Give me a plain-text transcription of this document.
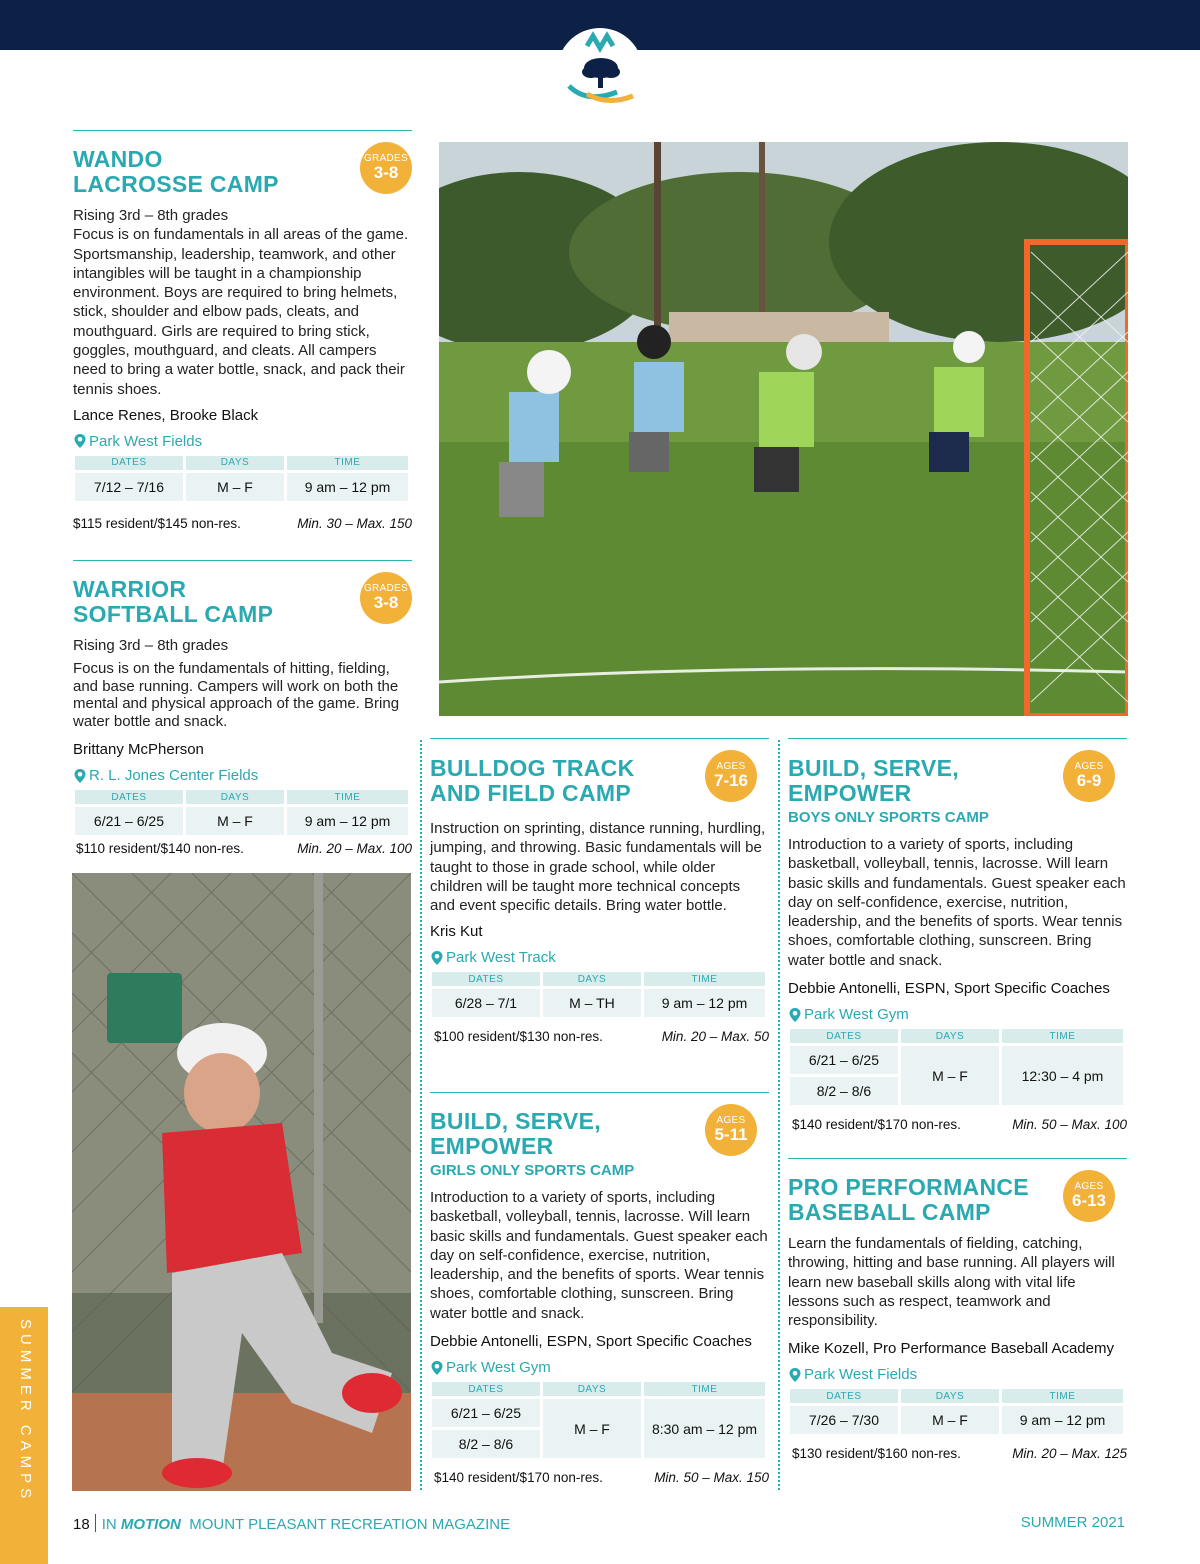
WANDO
LACROSSE CAMP
GRADES
3-8
Rising 3rd – 8th grades
Focus is on fundamentals in all areas of the game. Sportsmanship, leadership, teamwork, and other intangibles will be taught in a championship environment. Boys are required to bring helmets, stick, shoulder and elbow pads, cleats, and mouthguard. Girls are required to bring stick, goggles, mouthguard, and cleats. All campers need to bring a water bottle, snack, and pack their tennis shoes.
Lance Renes, Brooke Black
Park West Fields
DATES	DAYS	TIME
7/12 – 7/16	M – F	9 am – 12 pm
$115 resident/$145 non-res.	Min. 30 – Max. 150
WARRIOR
SOFTBALL CAMP
GRADES
3-8
Rising 3rd – 8th grades
Focus is on the fundamentals of hitting, fielding, and base running. Campers will work on both the mental and physical approach of the game. Bring water bottle and snack.
Brittany McPherson
R. L. Jones Center Fields
DATES	DAYS	TIME
6/21 – 6/25	M – F	9 am – 12 pm
$110 resident/$140 non-res.	Min. 20 – Max. 100
BULLDOG TRACK
AND FIELD CAMP
AGES
7-16
Instruction on sprinting, distance running, hurdling, jumping, and throwing. Basic fundamentals will be taught to those in grade school, while older children will be taught more technical concepts and event specific details. Bring water bottle.
Kris Kut
Park West Track
DATES	DAYS	TIME
6/28 – 7/1	M – TH	9 am – 12 pm
$100 resident/$130 non-res.	Min. 20 – Max. 50
BUILD, SERVE,
EMPOWER
GIRLS ONLY SPORTS CAMP
AGES
5-11
Introduction to a variety of sports, including basketball, volleyball, tennis, lacrosse. Will learn basic skills and fundamentals. Guest speaker each day on self-confidence, exercise, nutrition, leadership, and the benefits of sports. Wear tennis shoes, comfortable clothing, sunscreen. Bring water bottle and snack.
Debbie Antonelli, ESPN, Sport Specific Coaches
Park West Gym
DATES	DAYS	TIME
6/21 – 6/25	M – F	8:30 am – 12 pm
8/2 – 8/6		
$140 resident/$170 non-res.	Min. 50 – Max. 150
BUILD, SERVE,
EMPOWER
BOYS ONLY SPORTS CAMP
AGES
6-9
Introduction to a variety of sports, including basketball, volleyball, tennis, lacrosse. Will learn basic skills and fundamentals. Guest speaker each day on self-confidence, exercise, nutrition, leadership, and the benefits of sports. Wear tennis shoes, comfortable clothing, sunscreen. Bring water bottle and snack.
Debbie Antonelli, ESPN, Sport Specific Coaches
Park West Gym
DATES	DAYS	TIME
6/21 – 6/25	M – F	12:30 – 4 pm
8/2 – 8/6		
$140 resident/$170 non-res.	Min. 50 – Max. 100
PRO PERFORMANCE
BASEBALL CAMP
AGES
6-13
Learn the fundamentals of fielding, catching, throwing, hitting and base running. All players will learn new baseball skills along with vital life lessons such as respect, teamwork and responsibility.
Mike Kozell, Pro Performance Baseball Academy
Park West Fields
DATES	DAYS	TIME
7/26 – 7/30	M – F	9 am – 12 pm
$130 resident/$160 non-res.	Min. 20 – Max. 125
SUMMER CAMPS
18 IN MOTION MOUNT PLEASANT RECREATION MAGAZINE	SUMMER 2021
